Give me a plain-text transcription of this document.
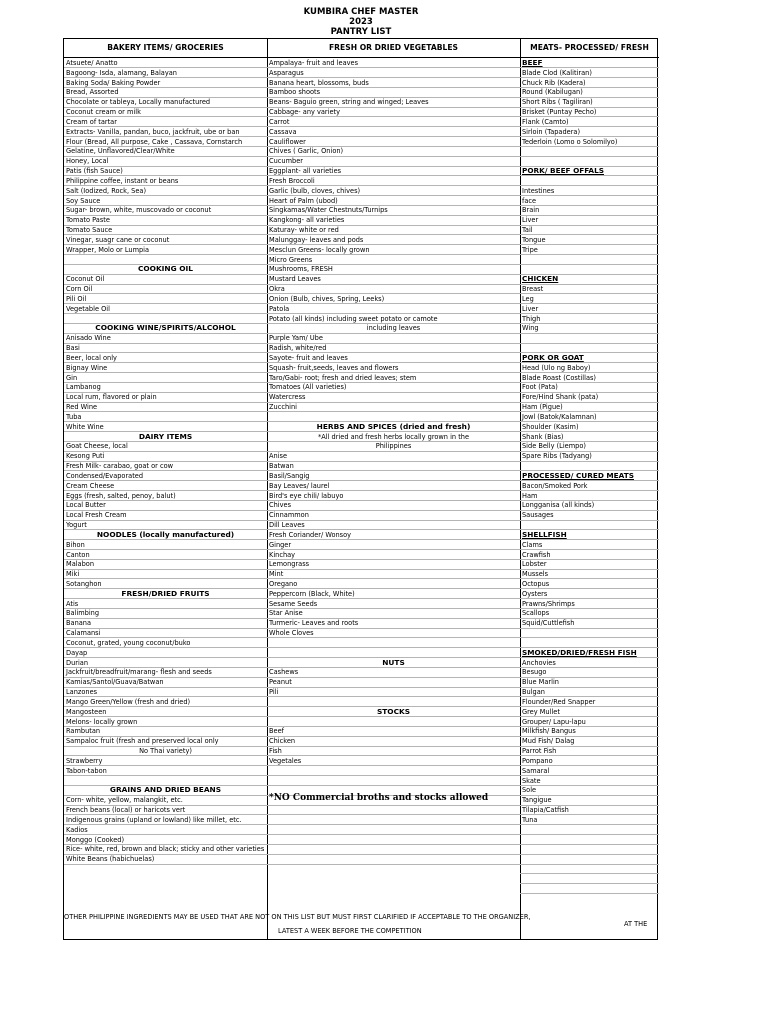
KUMBIRA CHEF MASTER
2023
PANTRY LIST
BAKERY ITEMS/ GROCERIES	FRESH OR DRIED VEGETABLES	MEATS- PROCESSED/ FRESH
Atsuete/ Anatto
Bagoong- Isda, alamang, Balayan
Baking Soda/ Baking Powder
Bread, Assorted
Chocolate or tableya, Locally manufactured
Coconut cream or milk
Cream of tartar
Extracts- Vanilla, pandan, buco, jackfruit, ube or ban
Flour (Bread, All purpose, Cake , Cassava, Cornstarch
Gelatine, Unflavored/Clear/White
Honey, Local
Patis (fish Sauce)
Philippine coffee, instant or beans
Salt (Iodized, Rock, Sea)
Soy Sauce
Sugar- brown, white, muscovado or coconut
Tomato Paste
Tomato Sauce
Vinegar, suagr cane or coconut
Wrapper, Molo or Lumpia
COOKING OIL
Coconut Oil
Corn Oil
Pili Oil
Vegetable Oil
COOKING WINE/SPIRITS/ALCOHOL
Anisado Wine
Basi
Beer, local only
Bignay Wine
Gin
Lambanog
Local rum, flavored or plain
Red Wine
Tuba
White Wine
DAIRY ITEMS
Goat Cheese, local
Kesong Puti
Fresh Milk- carabao, goat or cow
Condensed/Evaporated
Cream Cheese
Eggs (fresh, salted, penoy, balut)
Local Butter
Local Fresh Cream
Yogurt
NOODLES (locally manufactured)
Bihon
Canton
Malabon
Miki
Sotanghon
FRESH/DRIED FRUITS
Atis
Balimbing
Banana
Calamansi
Coconut, grated, young coconut/buko
Dayap
Durian
Jackfruit/breadfruit/marang- flesh and seeds
Kamias/Santol/Guava/Batwan
Lanzones
Mango Green/Yellow (fresh and dried)
Mangosteen
Melons- locally grown
Rambutan
Sampaloc fruit (fresh and preserved local only
No Thai variety)
Strawberry
Tabon-tabon
GRAINS AND DRIED BEANS
Corn- white, yellow, malangkit, etc.
French beans (local) or haricots vert
Indigenous grains (upland or lowland) like millet, etc.
Kadios
Monggo (Cooked)
Rice- white, red, brown and black; sticky and other varieties
White Beans (habichuelas)
Ampalaya- fruit and leaves
Asparagus
Banana heart, blossoms, buds
Bamboo shoots
Beans- Baguio green, string and winged; Leaves
Cabbage- any variety
Carrot
Cassava
Cauliflower
Chives ( Garlic, Onion)
Cucumber
Eggplant- all varieties
Fresh Broccoli
Garlic (bulb, cloves, chives)
Heart of Palm (ubod)
Singkamas/Water Chestnuts/Turnips
Kangkong- all varieties
Katuray- white or red
Malunggay- leaves and pods
Mesclun Greens- locally grown
Micro Greens
Mushrooms, FRESH
Mustard Leaves
Okra
Onion (Bulb, chives, Spring, Leeks)
Patola
Potato (all kinds) including sweet potato or camote
including leaves
Purple Yam/ Ube
Radish, white/red
Sayote- fruit and leaves
Squash- fruit,seeds, leaves and flowers
Taro/Gabi- root; fresh and dried leaves; stem
Tomatoes (All varieties)
Watercress
Zucchini
HERBS AND SPICES (dried and fresh)
*All dried and fresh herbs locally grown in the
Philippines
Anise
Batwan
Basil/Sangig
Bay Leaves/ laurel
Bird's eye chili/ labuyo
Chives
Cinnammon
Dill Leaves
Fresh Coriander/ Wonsoy
Ginger
Kinchay
Lemongrass
Mint
Oregano
Peppercorn (Black, White)
Sesame Seeds
Star Anise
Turmeric- Leaves and roots
Whole Cloves
NUTS
Cashews
Peanut
Pili
STOCKS
Beef
Chicken
Fish
Vegetales
*NO Commercial broths and stocks allowed
BEEF
Blade Clod (Kalitiran)
Chuck Rib (Kadera)
Round (Kabilugan)
Short Ribs ( Tagiliran)
Brisket (Puntay Pecho)
Flank (Camto)
Sirloin (Tapadera)
Tederloin (Lomo o Solomilyo)
PORK/ BEEF OFFALS
Intestines
face
Brain
Liver
Tail
Tongue
Tripe
CHICKEN
Breast
Leg
Liver
Thigh
Wing
PORK OR GOAT
Head (Ulo ng Baboy)
Blade Roast (Costillas)
Foot (Pata)
Fore/Hind Shank (pata)
Ham (Pigue)
Jowl (Batok/Kalamnan)
Shoulder (Kasim)
Shank (Bias)
Side Belly (Liempo)
Spare Ribs (Tadyang)
PROCESSED/ CURED MEATS
Bacon/Smoked Pork
Ham
Longganisa (all kinds)
Sausages
SHELLFISH
Clams
Crawfish
Lobster
Mussels
Octopus
Oysters
Prawns/Shrimps
Scallops
Squid/Cuttlefish
SMOKED/DRIED/FRESH FISH
Anchovies
Besugo
Blue Marlin
Bulgan
Flounder/Red Snapper
Grey Mullet
Grouper/ Lapu-lapu
Milkfish/ Bangus
Mud Fish/ Dalag
Parrot Fish
Pompano
Samaral
Skate
Sole
Tangigue
Tilapia/Catfish
Tuna
OTHER PHILIPPINE INGREDIENTS MAY BE USED THAT ARE NOT ON THIS LIST BUT MUST FIRST CLARIFIED IF ACCEPTABLE TO THE ORGANIZER,
AT THE
LATEST A WEEK BEFORE THE COMPETITION
